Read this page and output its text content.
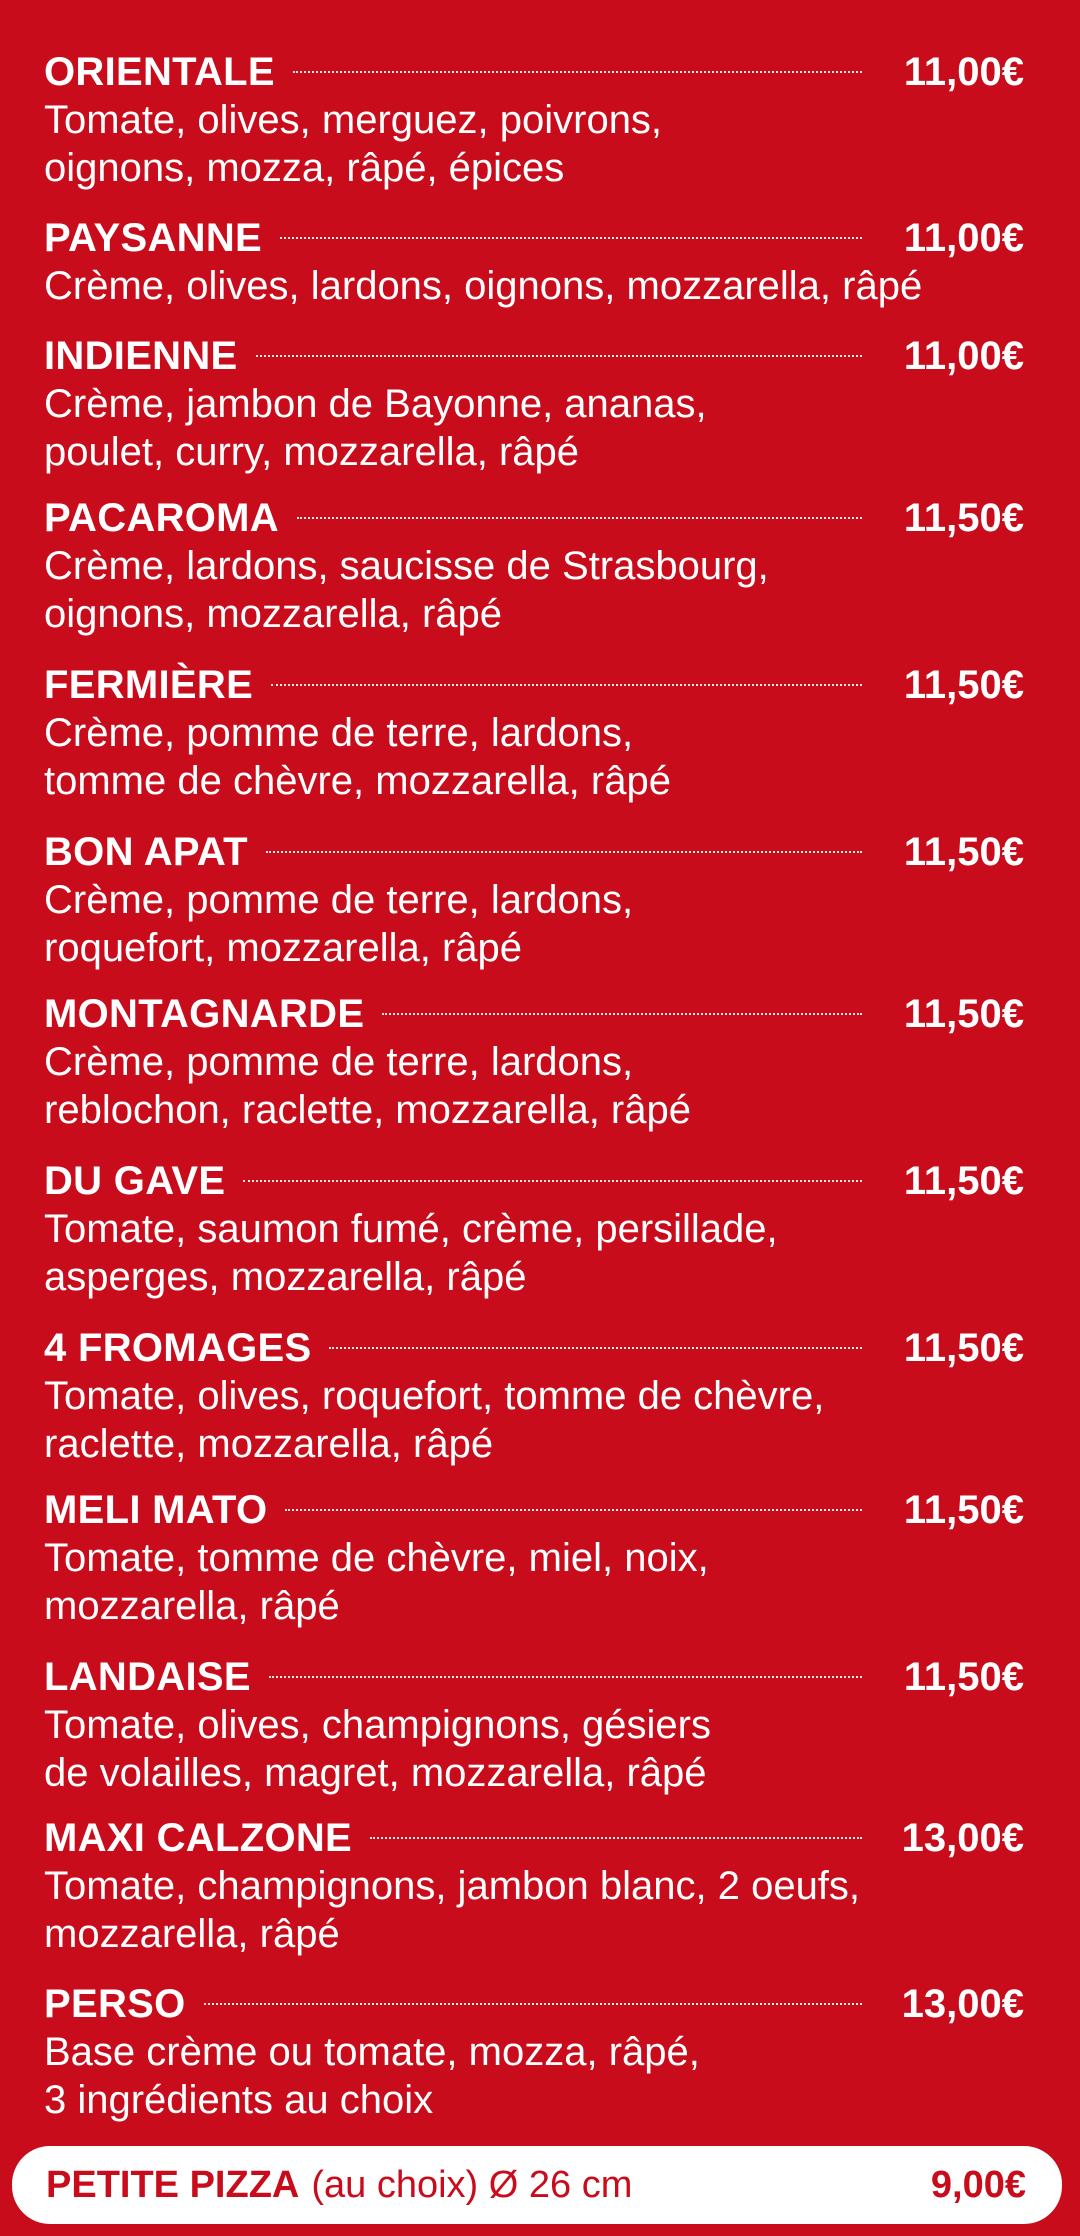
ORIENTALE	11,00€
Tomate, olives, merguez, poivrons,
oignons, mozza, râpé, épices
PAYSANNE	11,00€
Crème, olives, lardons, oignons, mozzarella, râpé
INDIENNE	11,00€
Crème, jambon de Bayonne, ananas,
poulet, curry, mozzarella, râpé
PACAROMA	11,50€
Crème, lardons, saucisse de Strasbourg,
oignons, mozzarella, râpé
FERMIÈRE	11,50€
Crème, pomme de terre, lardons,
tomme de chèvre, mozzarella, râpé
BON APAT	11,50€
Crème, pomme de terre, lardons,
roquefort, mozzarella, râpé
MONTAGNARDE	11,50€
Crème, pomme de terre, lardons,
reblochon, raclette, mozzarella, râpé
DU GAVE	11,50€
Tomate, saumon fumé, crème, persillade,
asperges, mozzarella, râpé
4 FROMAGES	11,50€
Tomate, olives, roquefort, tomme de chèvre,
raclette, mozzarella, râpé
MELI MATO	11,50€
Tomate, tomme de chèvre, miel, noix,
mozzarella, râpé
LANDAISE	11,50€
Tomate, olives, champignons, gésiers
de volailles, magret, mozzarella, râpé
MAXI CALZONE	13,00€
Tomate, champignons, jambon blanc, 2 oeufs,
mozzarella, râpé
PERSO	13,00€
Base crème ou tomate, mozza, râpé,
3 ingrédients au choix
PETITE PIZZA (au choix) Ø 26 cm	9,00€
